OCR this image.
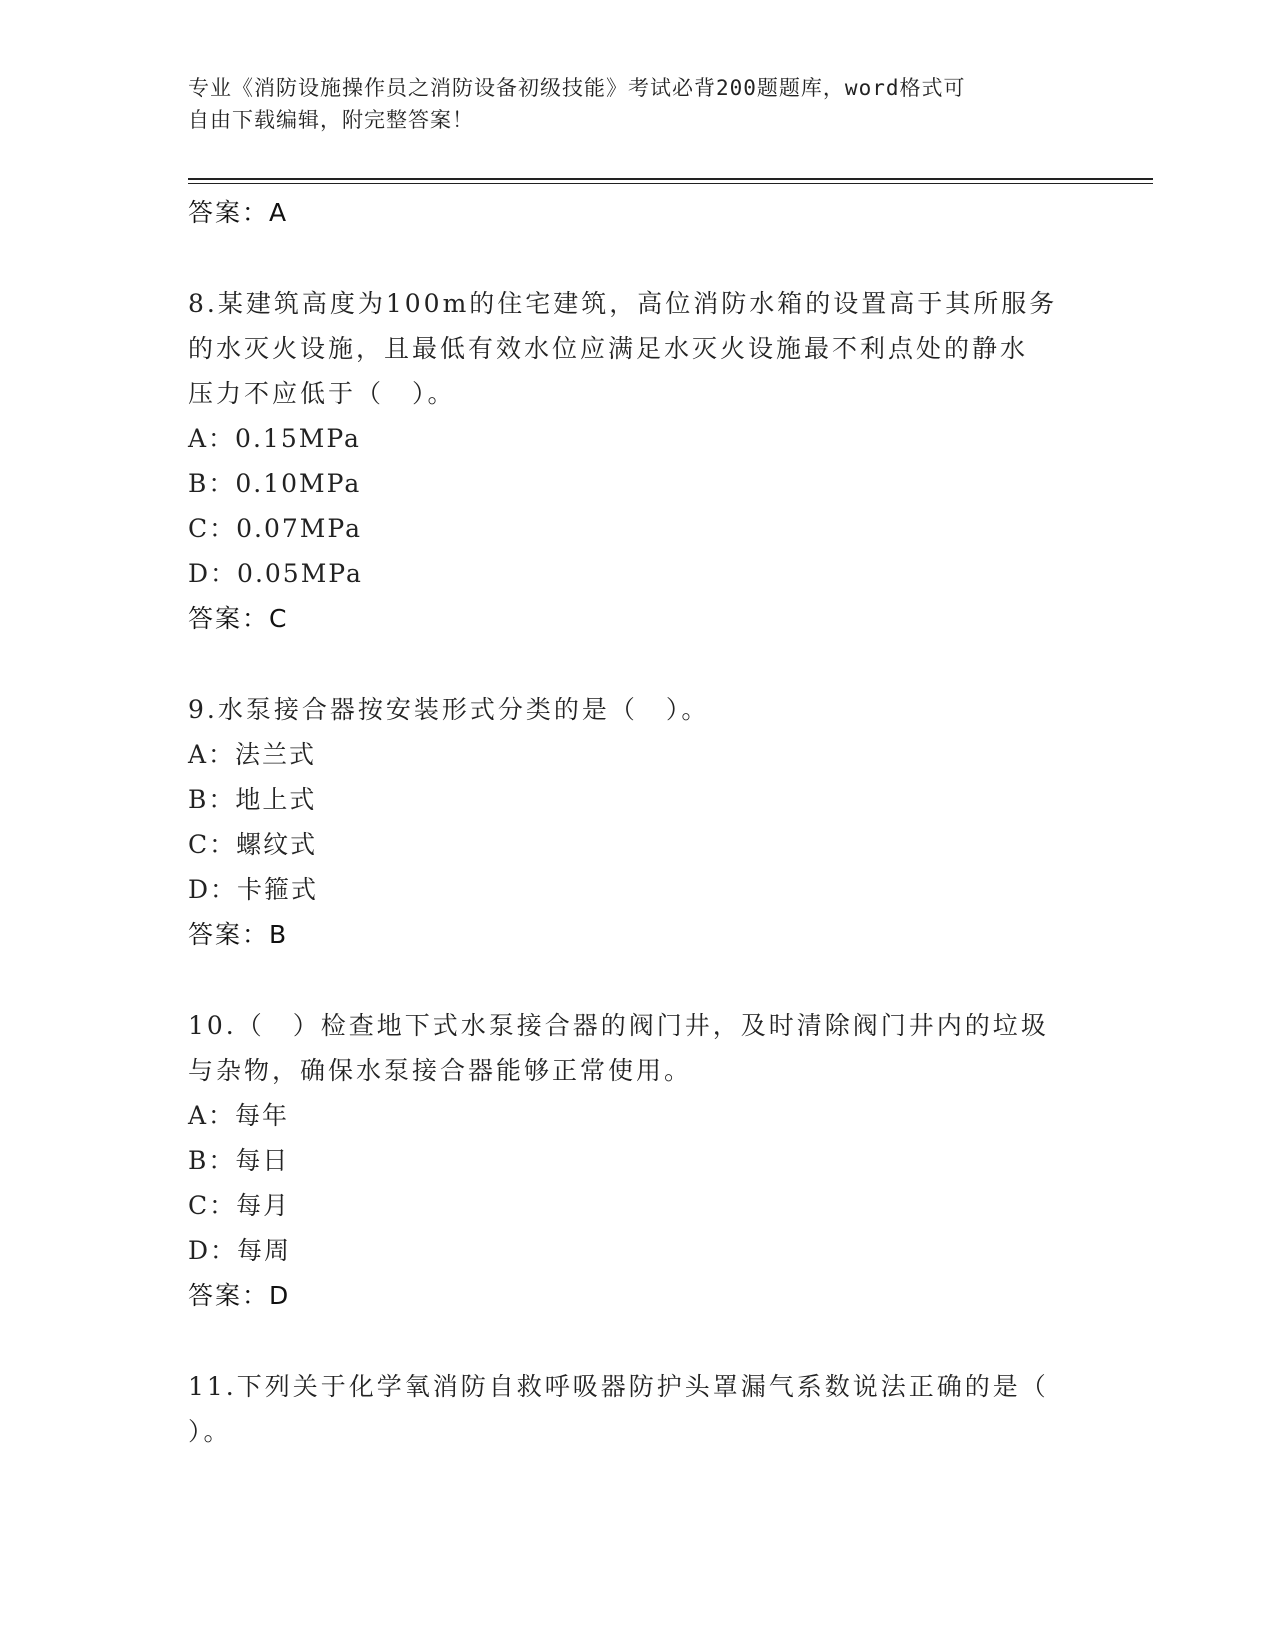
专业《消防设施操作员之消防设备初级技能》考试必背200题题库，word格式可
自由下载编辑，附完整答案！

答案：A

8.某建筑高度为100m的住宅建筑，高位消防水箱的设置高于其所服务

的水灭火设施，且最低有效水位应满足水灭火设施最不利点处的静水

压力不应低于（　）。

A：0.15MPa

B：0.10MPa

C：0.07MPa

D：0.05MPa

答案：C

9.水泵接合器按安装形式分类的是（　）。

A：法兰式

B：地上式

C：螺纹式

D：卡箍式

答案：B

10.（　）检查地下式水泵接合器的阀门井，及时清除阀门井内的垃圾

与杂物，确保水泵接合器能够正常使用。

A：每年

B：每日

C：每月

D：每周

答案：D

11.下列关于化学氧消防自救呼吸器防护头罩漏气系数说法正确的是（

）。
